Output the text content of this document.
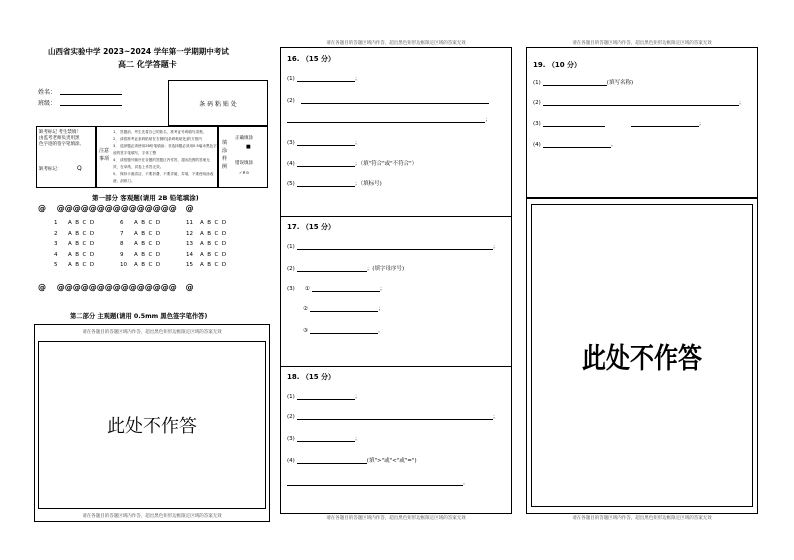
山西省实验中学 2023~2024 学年第一学期期中考试
高二 化学答题卡
姓名：
班级：	条 码 粘 贴 处
缺考标记 考生禁填！
由监考老师负责用黑
色字迹的签字笔填涂。
缺考标记：	Q
注意事项
1、 答题前，考生先将自己的姓名、准考证号码填写清楚。
2、 请将准考证条码粘贴在右侧的[条码粘贴处]的方框内
3、 选择题必须使用2B铅笔填涂；非选择题必须用0.5毫米黑色字迹的签字笔填写，字体工整
4、 请按题号顺序在各题的答题区内作答，超出范围的答案无效，在草纸、试卷上作答无效。
5、 保持卡面清洁，不要折叠、不要弄破、弄皱，不准使用涂改液、刮纸刀。
填涂样例
正确填涂
■
错误填涂
✓✗⊙
第一部分 客观题(请用 2B 铅笔填涂)
@ @@@@@@@@@@@@@@@ @
1	A  B  C  D	6	A  B  C  D	11	A  B  C  D
2	A  B  C  D	7	A  B  C  D	12	A  B  C  D
3	A  B  C  D	8	A  B  C  D	13	A  B  C  D
4	A  B  C  D	9	A  B  C  D	14	A  B  C  D
5	A  B  C  D	10	A  B  C  D	15	A  B  C  D
@ @@@@@@@@@@@@@@@ @
第二部分 主观题(请用 0.5mm 黑色签字笔作答)
请在各题目的答题区域内作答，超出黑色矩形边框限定区域的答案无效
此处不作答
请在各题目的答题区域内作答，超出黑色矩形边框限定区域的答案无效
请在各题目的答题区域内作答，超出黑色矩形边框限定区域的答案无效
16. （15 分）
(1)	；
(2)
；
(3)	；
(4)	；（填"符合"或"不符合"）
(5)	；（填标号)
17. （15 分）
(1)	；
(2)	；(填字母序号)
(3) ①	；
②	；
③	。
18. （15 分）
(1)	；
(2)	；
(3)	；
(4)	(填">"或"<"或"=")
。
请在各题目的答题区域内作答，超出黑色矩形边框限定区域的答案无效
请在各题目的答题区域内作答，超出黑色矩形边框限定区域的答案无效
19. （10 分）
(1)	(填写名称)
(2)	；
(3)	；
(4)	。
此处不作答
请在各题目的答题区域内作答，超出黑色矩形边框限定区域的答案无效
